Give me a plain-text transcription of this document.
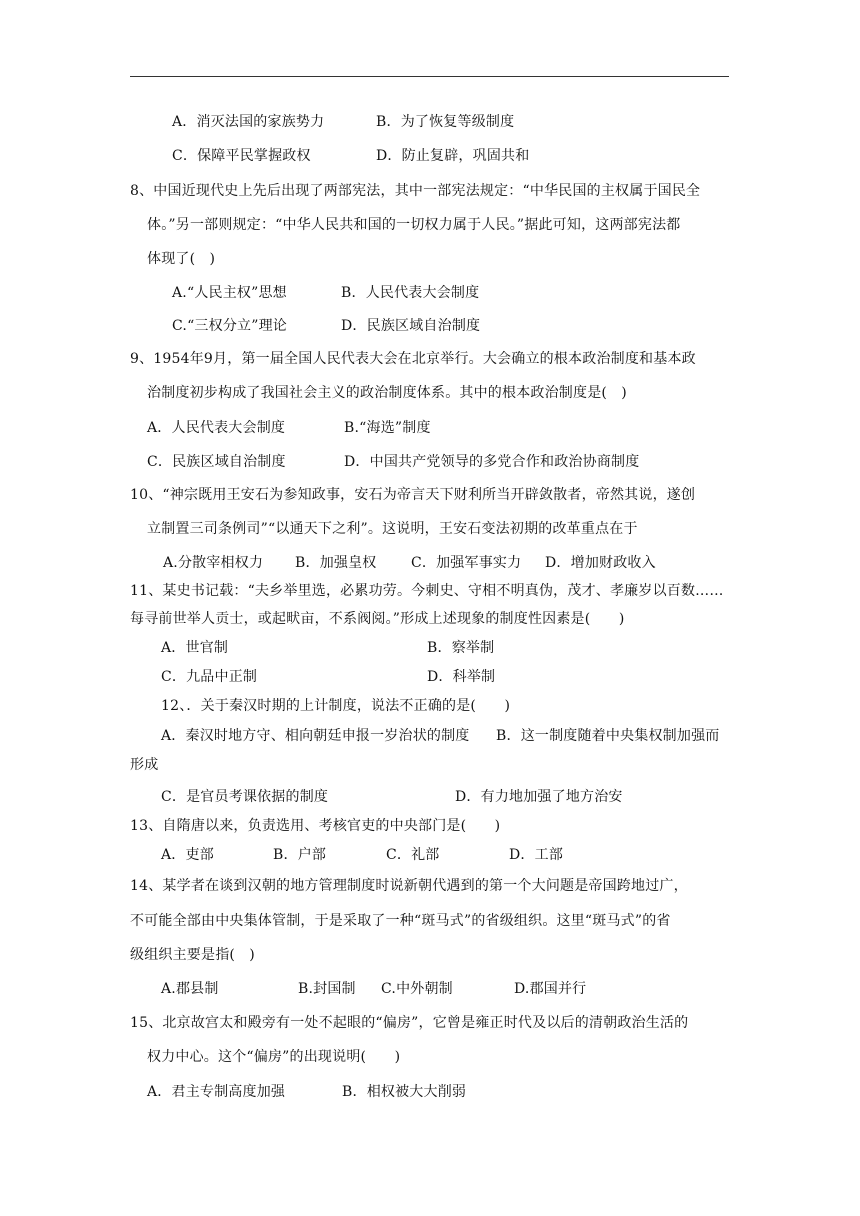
A．消灭法国的家族势力	B．为了恢复等级制度
C．保障平民掌握政权	D．防止复辟，巩固共和
8、中国近现代史上先后出现了两部宪法，其中一部宪法规定：“中华民国的主权属于国民全
体。”另一部则规定：“中华人民共和国的一切权力属于人民。”据此可知，这两部宪法都
体现了(　)
A.“人民主权”思想	B．人民代表大会制度
C.“三权分立”理论	D．民族区域自治制度
9、1954年9月，第一届全国人民代表大会在北京举行。大会确立的根本政治制度和基本政
治制度初步构成了我国社会主义的政治制度体系。其中的根本政治制度是(　)
A．人民代表大会制度	B.“海选”制度
C．民族区域自治制度	D．中国共产党领导的多党合作和政治协商制度
10、“神宗既用王安石为参知政事，安石为帝言天下财利所当开辟敛散者，帝然其说，遂创
立制置三司条例司”“以通天下之利”。这说明，王安石变法初期的改革重点在于
A.分散宰相权力 B．加强皇权 C．加强军事实力 D．增加财政收入
11、某史书记载：“夫乡举里选，必累功劳。今刺史、守相不明真伪，茂才、孝廉岁以百数……
每寻前世举人贡士，或起畎亩，不系阀阅。”形成上述现象的制度性因素是(　　)
A．世官制	B．察举制
C．九品中正制	D．科举制
12、．关于秦汉时期的上计制度，说法不正确的是(　　)
A．秦汉时地方守、相向朝廷申报一岁治状的制度 B．这一制度随着中央集权制加强而
形成
C．是官员考课依据的制度	D．有力地加强了地方治安
13、自隋唐以来，负责选用、考核官吏的中央部门是(　　)
A．吏部	B．户部	C．礼部	D．工部
14、某学者在谈到汉朝的地方管理制度时说新朝代遇到的第一个大问题是帝国跨地过广，
不可能全部由中央集体管制，于是采取了一种“斑马式”的省级组织。这里“斑马式”的省
级组织主要是指(　)
A.郡县制	B.封国制 C.中外朝制	D.郡国并行
15、北京故宫太和殿旁有一处不起眼的“偏房”，它曾是雍正时代及以后的清朝政治生活的
权力中心。这个“偏房”的出现说明(　　)
A．君主专制高度加强	B．相权被大大削弱
